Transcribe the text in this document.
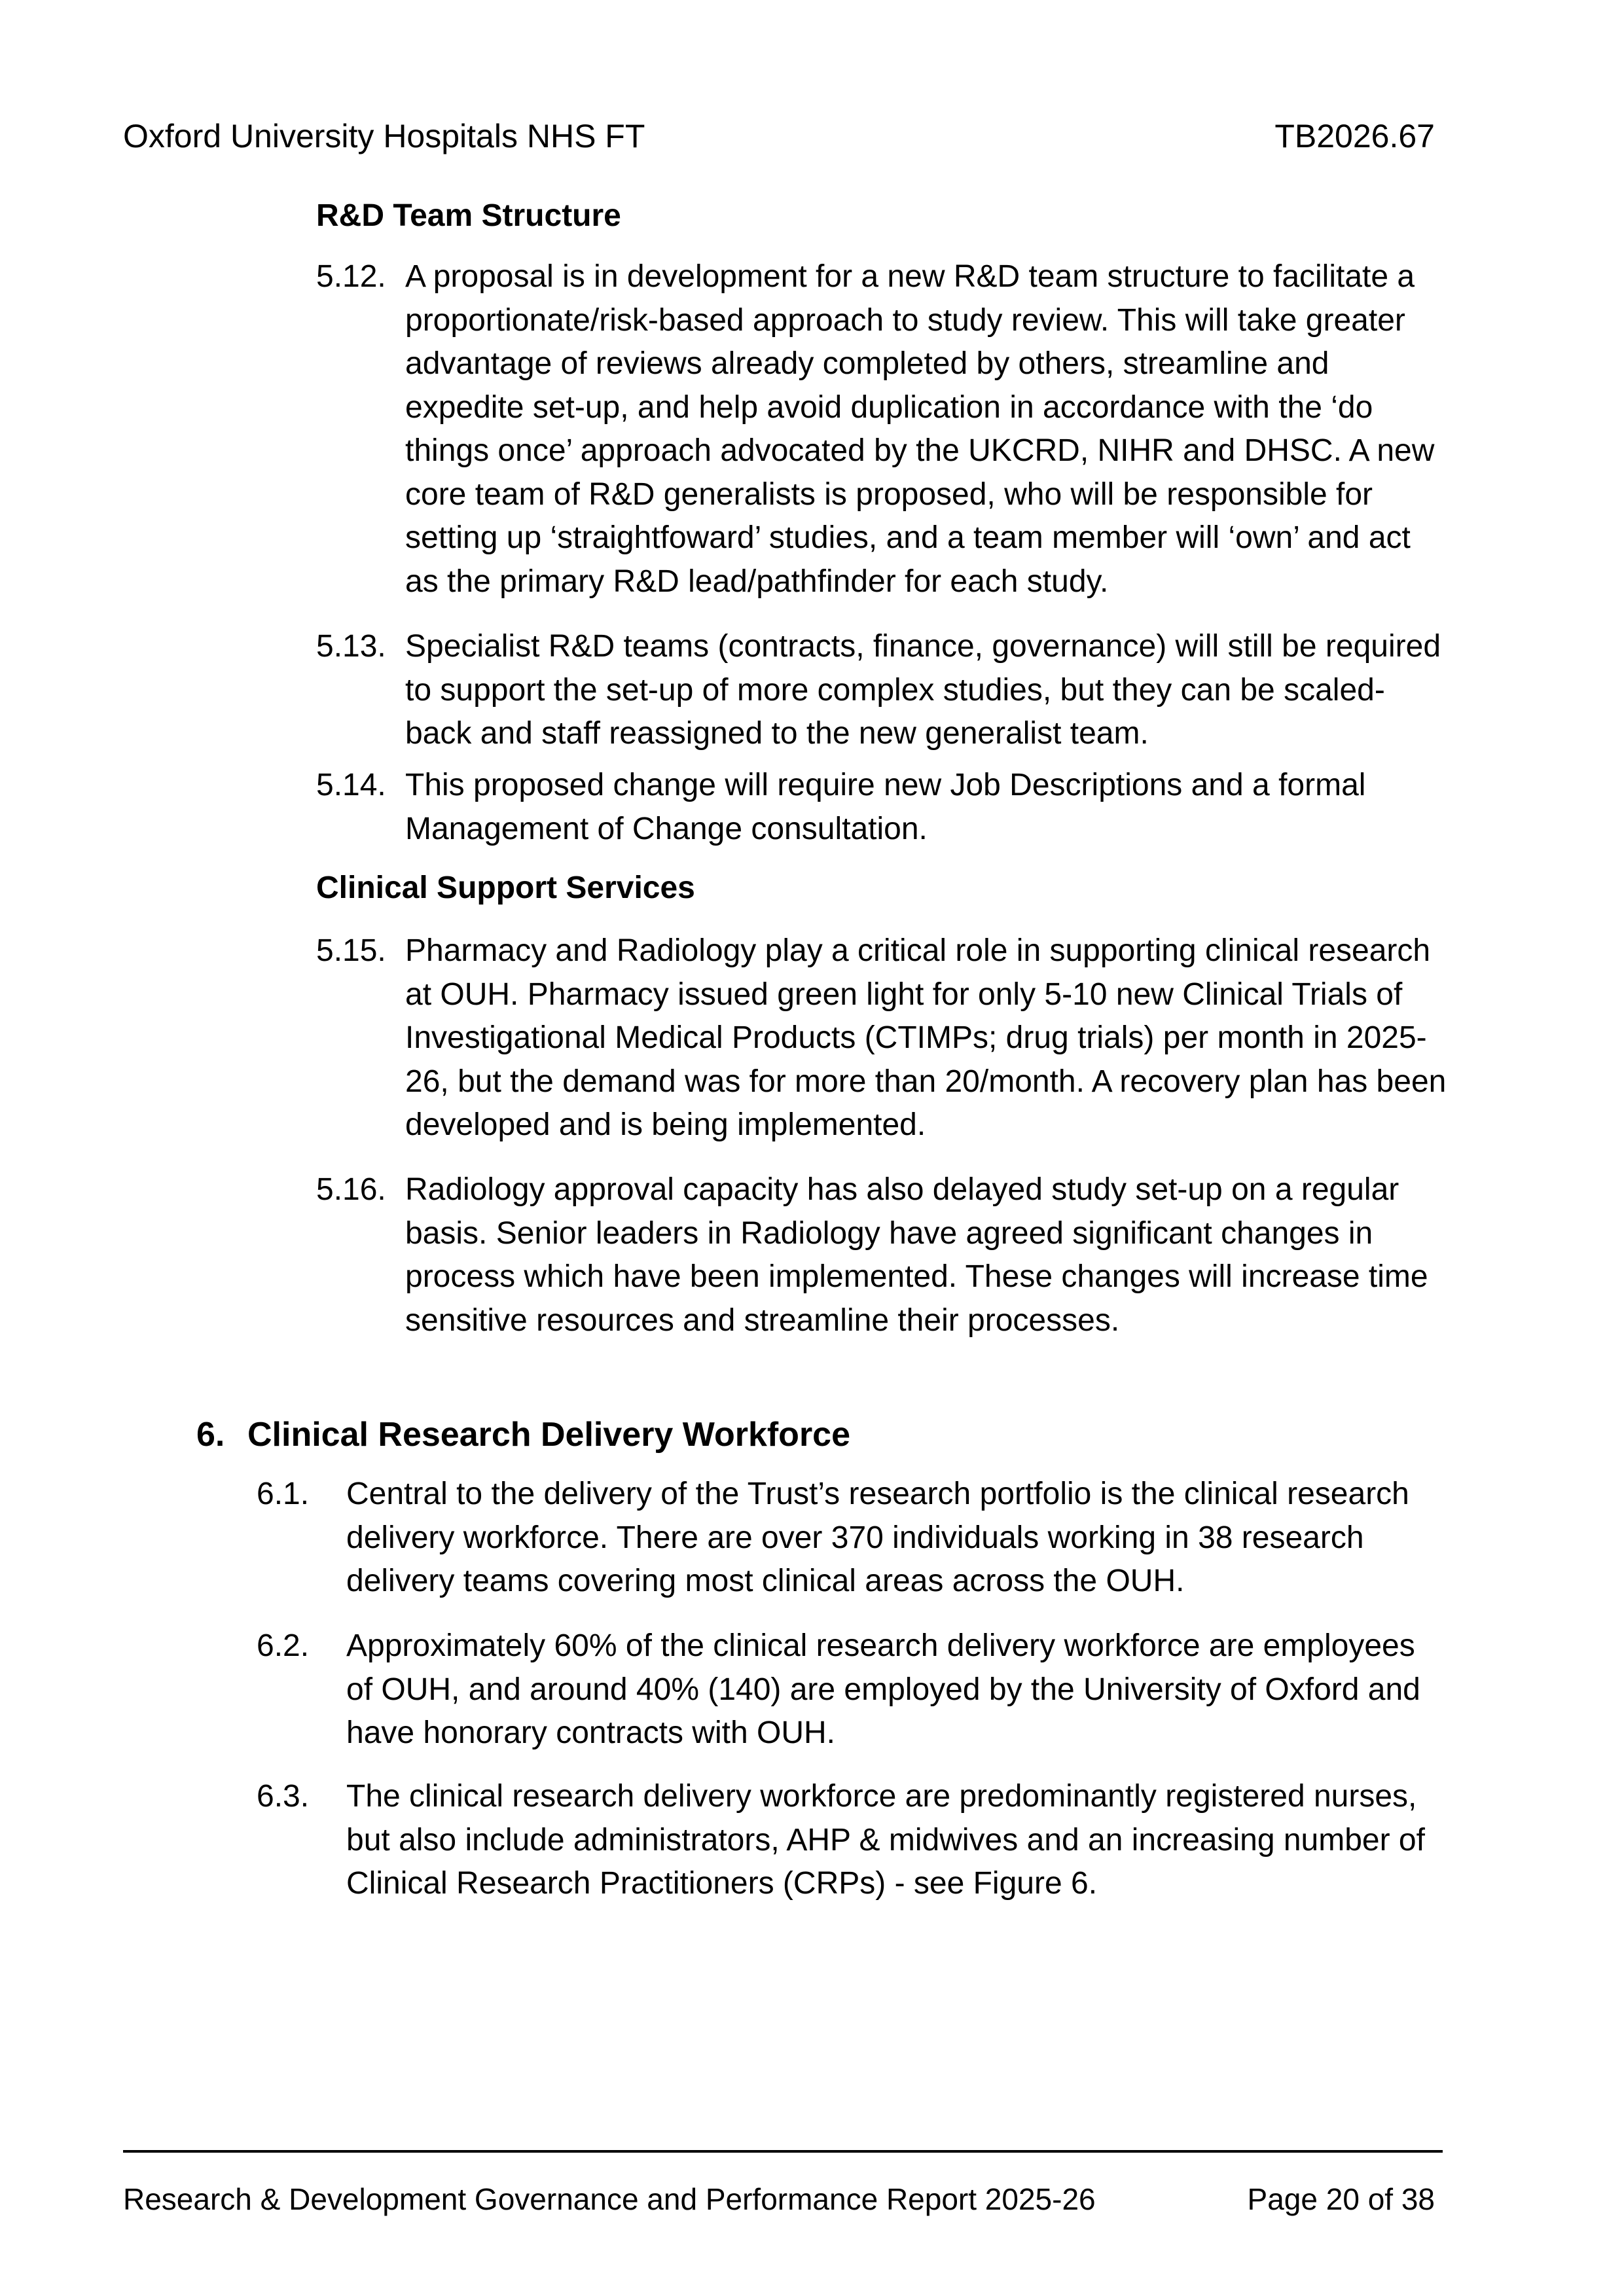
Oxford University Hospitals NHS FT	TB2026.67
R&D Team Structure
5.12. A proposal is in development for a new R&D team structure to facilitate a proportionate/risk-based approach to study review. This will take greater advantage of reviews already completed by others, streamline and expedite set-up, and help avoid duplication in accordance with the ‘do things once’ approach advocated by the UKCRD, NIHR and DHSC. A new core team of R&D generalists is proposed, who will be responsible for setting up ‘straightfoward’ studies, and a team member will ‘own’ and act as the primary R&D lead/pathfinder for each study.
5.13. Specialist R&D teams (contracts, finance, governance) will still be required to support the set-up of more complex studies, but they can be scaled-back and staff reassigned to the new generalist team.
5.14. This proposed change will require new Job Descriptions and a formal Management of Change consultation.
Clinical Support Services
5.15. Pharmacy and Radiology play a critical role in supporting clinical research at OUH. Pharmacy issued green light for only 5-10 new Clinical Trials of Investigational Medical Products (CTIMPs; drug trials) per month in 2025-26, but the demand was for more than 20/month. A recovery plan has been developed and is being implemented.
5.16. Radiology approval capacity has also delayed study set-up on a regular basis. Senior leaders in Radiology have agreed significant changes in process which have been implemented. These changes will increase time sensitive resources and streamline their processes.
6. Clinical Research Delivery Workforce
6.1. Central to the delivery of the Trust’s research portfolio is the clinical research delivery workforce. There are over 370 individuals working in 38 research delivery teams covering most clinical areas across the OUH.
6.2. Approximately 60% of the clinical research delivery workforce are employees of OUH, and around 40% (140) are employed by the University of Oxford and have honorary contracts with OUH.
6.3. The clinical research delivery workforce are predominantly registered nurses, but also include administrators, AHP & midwives and an increasing number of Clinical Research Practitioners (CRPs) - see Figure 6.
Research & Development Governance and Performance Report 2025-26	Page 20 of 38
